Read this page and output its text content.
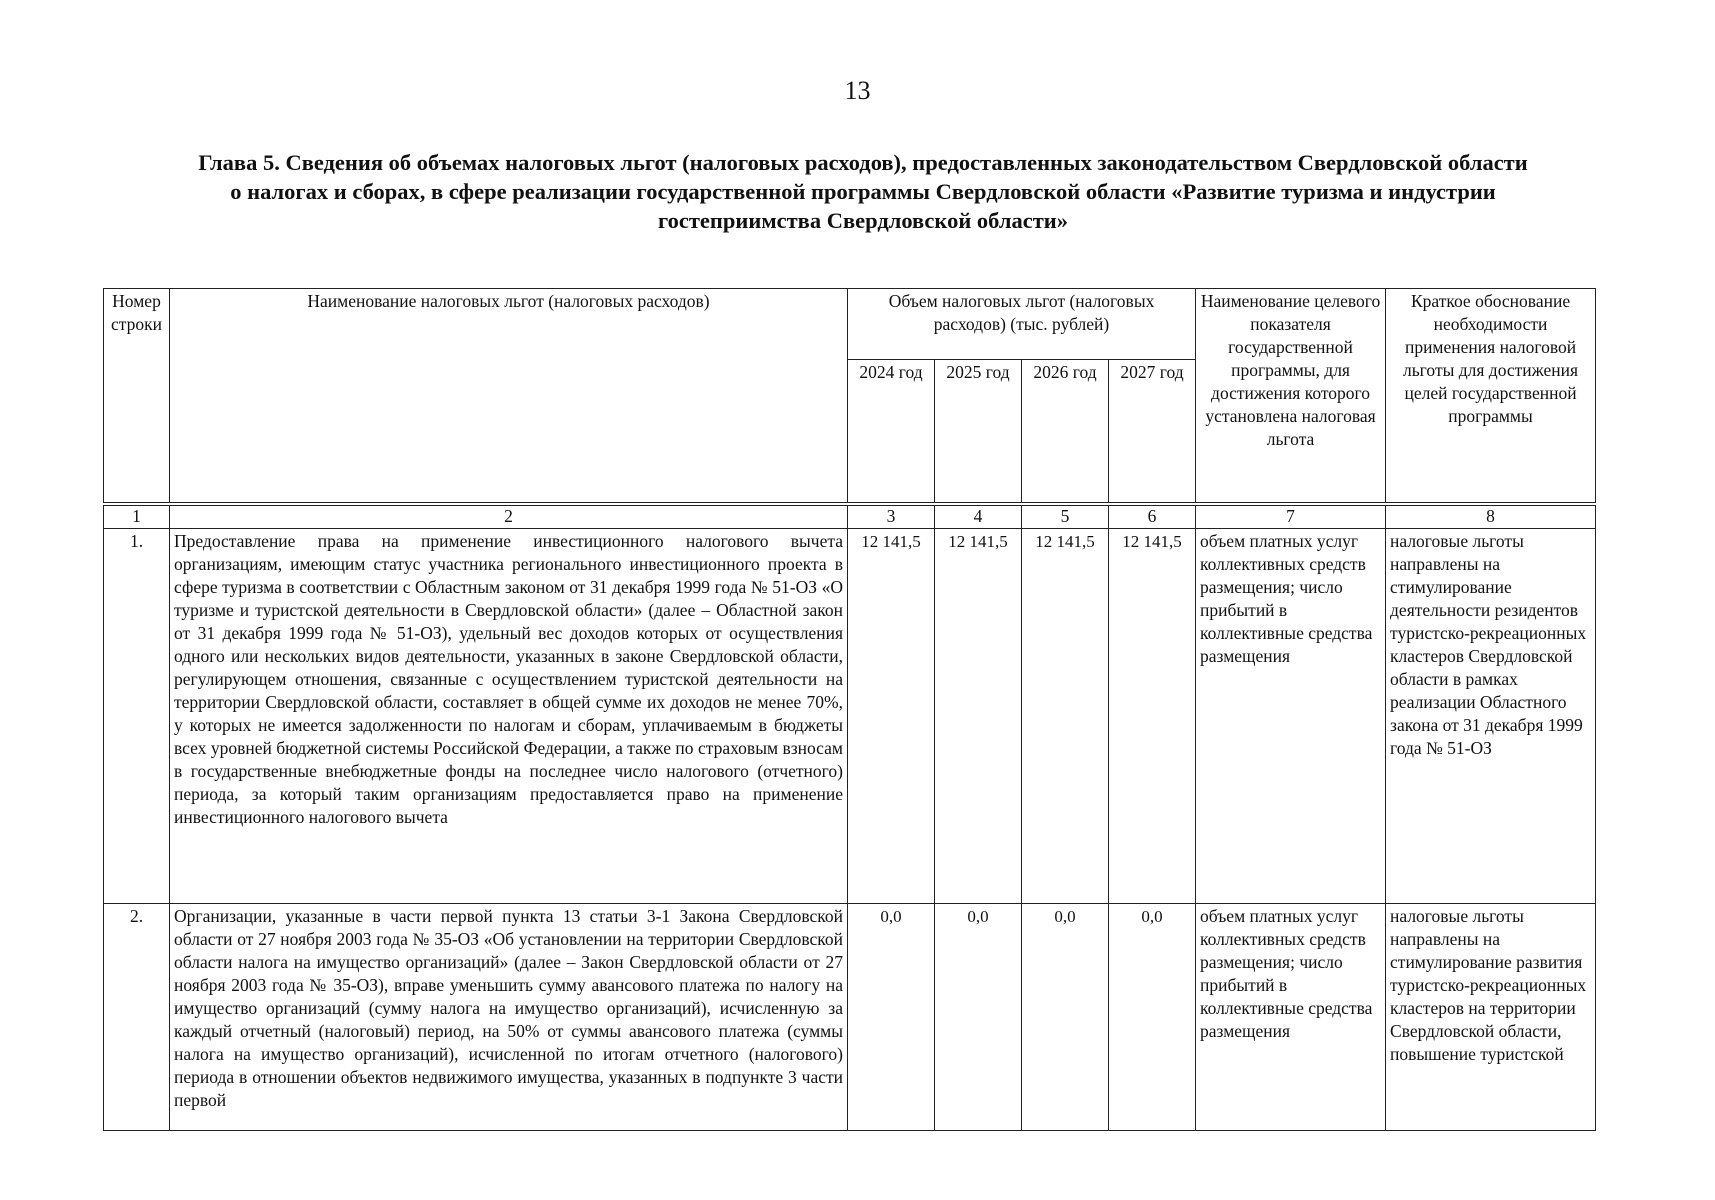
13
Глава 5. Сведения об объемах налоговых льгот (налоговых расходов), предоставленных законодательством Свердловской области
о налогах и сборах, в сфере реализации государственной программы Свердловской области «Развитие туризма и индустрии
гостеприимства Свердловской области»
Номер строки	Наименование налоговых льгот (налоговых расходов)	Объем налоговых льгот (налоговых расходов) (тыс. рублей)				Наименование целевого показателя государственной программы, для достижения которого установлена налоговая льгота	Краткое обоснование необходимости применения налоговой льготы для достижения целей государственной программы
		2024 год	2025 год	2026 год	2027 год		
1	2	3	4	5	6	7	8
1.	Предоставление права на применение инвестиционного налогового вычета организациям, имеющим статус участника регионального инвестиционного проекта в сфере туризма в соответствии с Областным законом от 31 декабря 1999 года № 51-ОЗ «О туризме и туристской деятельности в Свердловской области» (далее – Областной закон от 31 декабря 1999 года № 51-ОЗ), удельный вес доходов которых от осуществления одного или нескольких видов деятельности, указанных в законе Свердловской области, регулирующем отношения, связанные с осуществлением туристской деятельности на территории Свердловской области, составляет в общей сумме их доходов не менее 70%, у которых не имеется задолженности по налогам и сборам, уплачиваемым в бюджеты всех уровней бюджетной системы Российской Федерации, а также по страховым взносам в государственные внебюджетные фонды на последнее число налогового (отчетного) периода, за который таким организациям предоставляется право на применение инвестиционного налогового вычета	12 141,5	12 141,5	12 141,5	12 141,5	объем платных услуг коллективных средств размещения; число прибытий в коллективные средства размещения	налоговые льготы направлены на стимулирование деятельности резидентов туристско-рекреационных кластеров Свердловской области в рамках реализации Областного закона от 31 декабря 1999 года № 51-ОЗ
2.	Организации, указанные в части первой пункта 13 статьи 3-1 Закона Свердловской области от 27 ноября 2003 года № 35-ОЗ «Об установлении на территории Свердловской области налога на имущество организаций» (далее – Закон Свердловской области от 27 ноября 2003 года № 35-ОЗ), вправе уменьшить сумму авансового платежа по налогу на имущество организаций (сумму налога на имущество организаций), исчисленную за каждый отчетный (налоговый) период, на 50% от суммы авансового платежа (суммы налога на имущество организаций), исчисленной по итогам отчетного (налогового) периода в отношении объектов недвижимого имущества, указанных в подпункте 3 части первой	0,0	0,0	0,0	0,0	объем платных услуг коллективных средств размещения; число прибытий в коллективные средства размещения	налоговые льготы направлены на стимулирование развития туристско-рекреационных кластеров на территории Свердловской области, повышение туристской
